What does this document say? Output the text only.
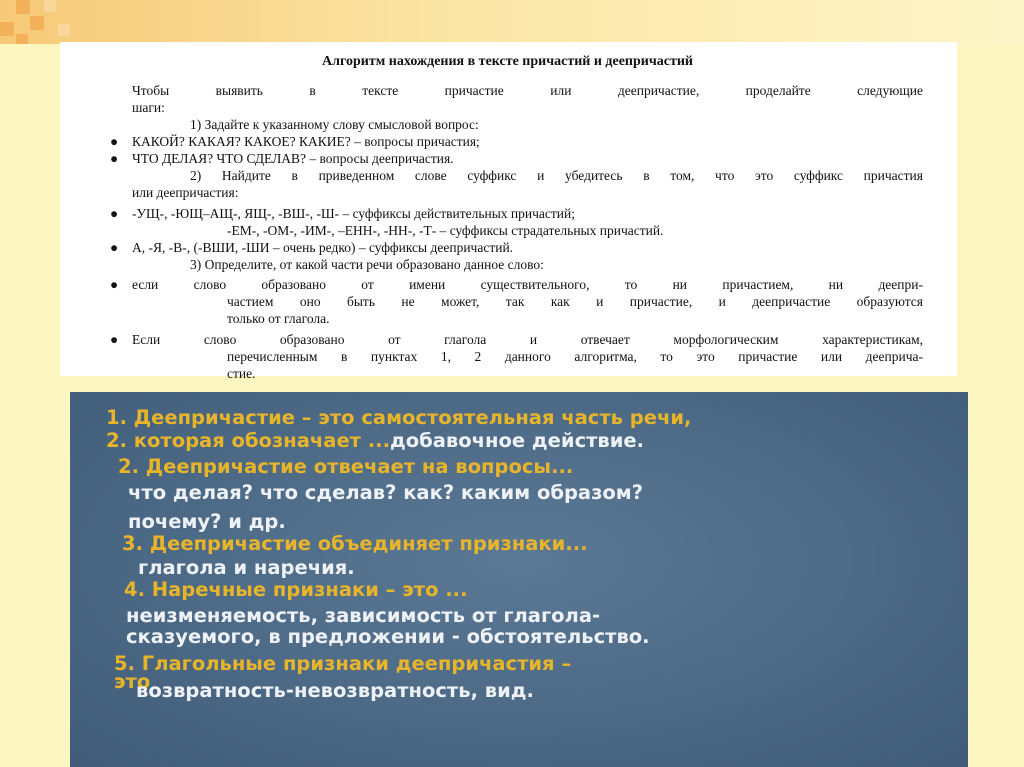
Алгоритм нахождения в тексте причастий и деепричастий

Чтобы выявить в тексте причастие или деепричастие, проделайте следующие

шаги:

1) Задайте к указанному слову смысловой вопрос:

● КАКОЙ? КАКАЯ? КАКОЕ? КАКИЕ? – вопросы причастия;

● ЧТО ДЕЛАЯ? ЧТО СДЕЛАВ? – вопросы деепричастия.

2) Найдите в приведенном слове суффикс и убедитесь в том, что это суффикс причастия

или деепричастия:

● -УЩ-, -ЮЩ–АЩ-, ЯЩ-, -ВШ-, -Ш- – суффиксы действительных причастий;

-ЕМ-, -ОМ-, -ИМ-, –ЕНН-, -НН-, -Т- – суффиксы страдательных причастий.

● А, -Я, -В-, (-ВШИ, -ШИ – очень редко) – суффиксы деепричастий.

3) Определите, от какой части речи образовано данное слово:

● если слово образовано от имени существительного, то ни причастием, ни деепри-

частием оно быть не может, так как и причастие, и деепричастие образуются

только от глагола.

● Если слово образовано от глагола и отвечает морфологическим характеристикам,

перечисленным в пунктах 1, 2 данного алгоритма, то это причастие или дееприча-

стие.

1. Деепричастие – это самостоятельная часть речи,
2. которая обозначает ... добавочное действие.
2. Деепричастие отвечает на вопросы...
что делая? что сделав? как? каким образом?
почему? и др.
3. Деепричастие объединяет признаки...
глагола и наречия.
4. Наречные признаки – это ...
неизменяемость, зависимость от глагола-
сказуемого, в предложении - обстоятельство.
5. Глагольные признаки деепричастия –
это
возвратность-невозвратность, вид.
